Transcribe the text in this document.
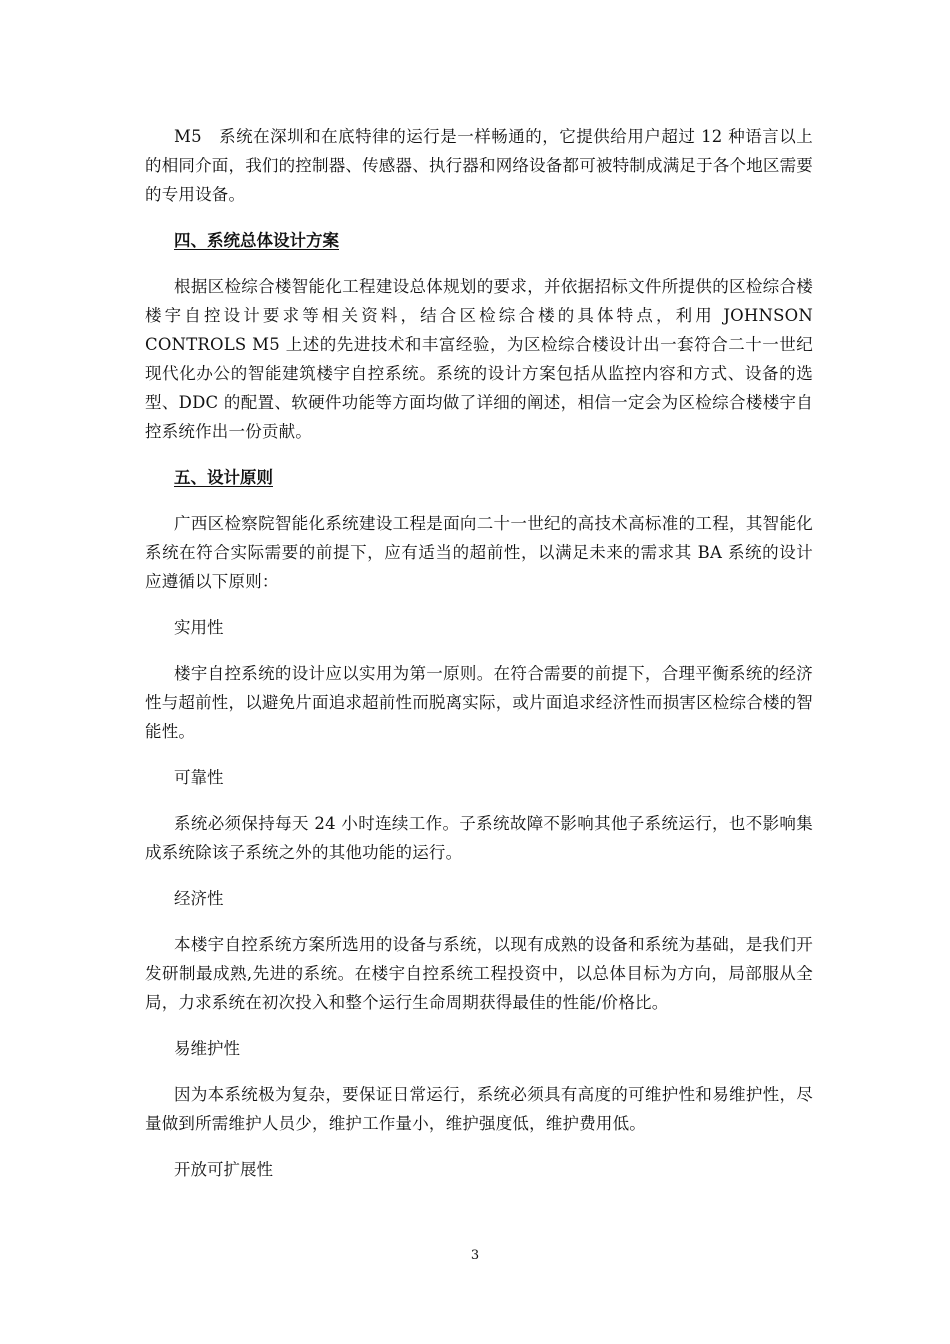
M5　系统在深圳和在底特律的运行是一样畅通的，它提供给用户超过 12 种语言以上的相同介面，我们的控制器、传感器、执行器和网络设备都可被特制成满足于各个地区需要的专用设备。

四、系统总体设计方案

根据区检综合楼智能化工程建设总体规划的要求，并依据招标文件所提供的区检综合楼楼宇自控设计要求等相关资料，结合区检综合楼的具体特点，利用 JOHNSON CONTROLS M5 上述的先进技术和丰富经验，为区检综合楼设计出一套符合二十一世纪现代化办公的智能建筑楼宇自控系统。系统的设计方案包括从监控内容和方式、设备的选型、DDC 的配置、软硬件功能等方面均做了详细的阐述，相信一定会为区检综合楼楼宇自控系统作出一份贡献。

五、设计原则

广西区检察院智能化系统建设工程是面向二十一世纪的高技术高标准的工程，其智能化系统在符合实际需要的前提下，应有适当的超前性，以满足未来的需求其 BA 系统的设计应遵循以下原则：

实用性

楼宇自控系统的设计应以实用为第一原则。在符合需要的前提下，合理平衡系统的经济性与超前性，以避免片面追求超前性而脱离实际，或片面追求经济性而损害区检综合楼的智能性。

可靠性

系统必须保持每天 24 小时连续工作。子系统故障不影响其他子系统运行，也不影响集成系统除该子系统之外的其他功能的运行。

经济性

本楼宇自控系统方案所选用的设备与系统，以现有成熟的设备和系统为基础，是我们开发研制最成熟,先进的系统。在楼宇自控系统工程投资中，以总体目标为方向，局部服从全局，力求系统在初次投入和整个运行生命周期获得最佳的性能/价格比。

易维护性

因为本系统极为复杂，要保证日常运行，系统必须具有高度的可维护性和易维护性，尽量做到所需维护人员少，维护工作量小，维护强度低，维护费用低。

开放可扩展性
3
